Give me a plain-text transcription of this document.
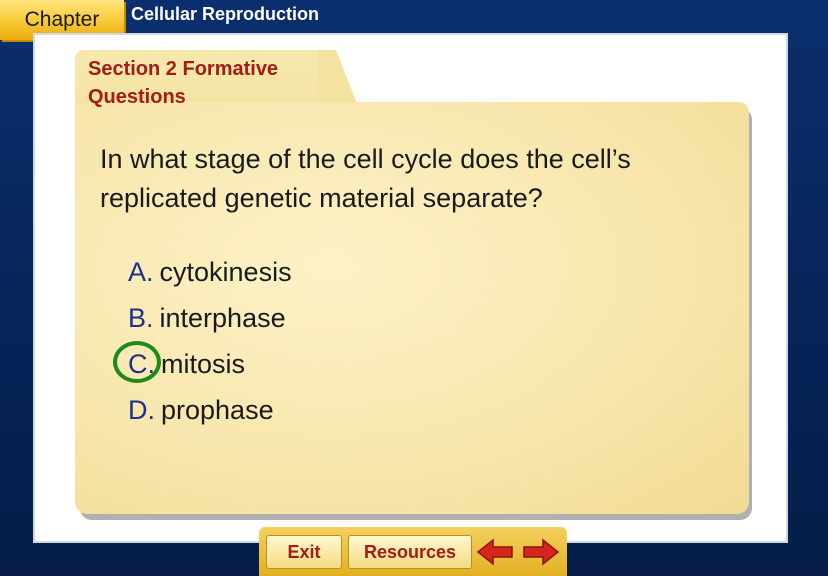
Chapter Cellular Reproduction
Section 2 Formative Questions
In what stage of the cell cycle does the cell’s replicated genetic material separate?
A. cytokinesis
B. interphase
C. mitosis
D. prophase
Exit	Resources
